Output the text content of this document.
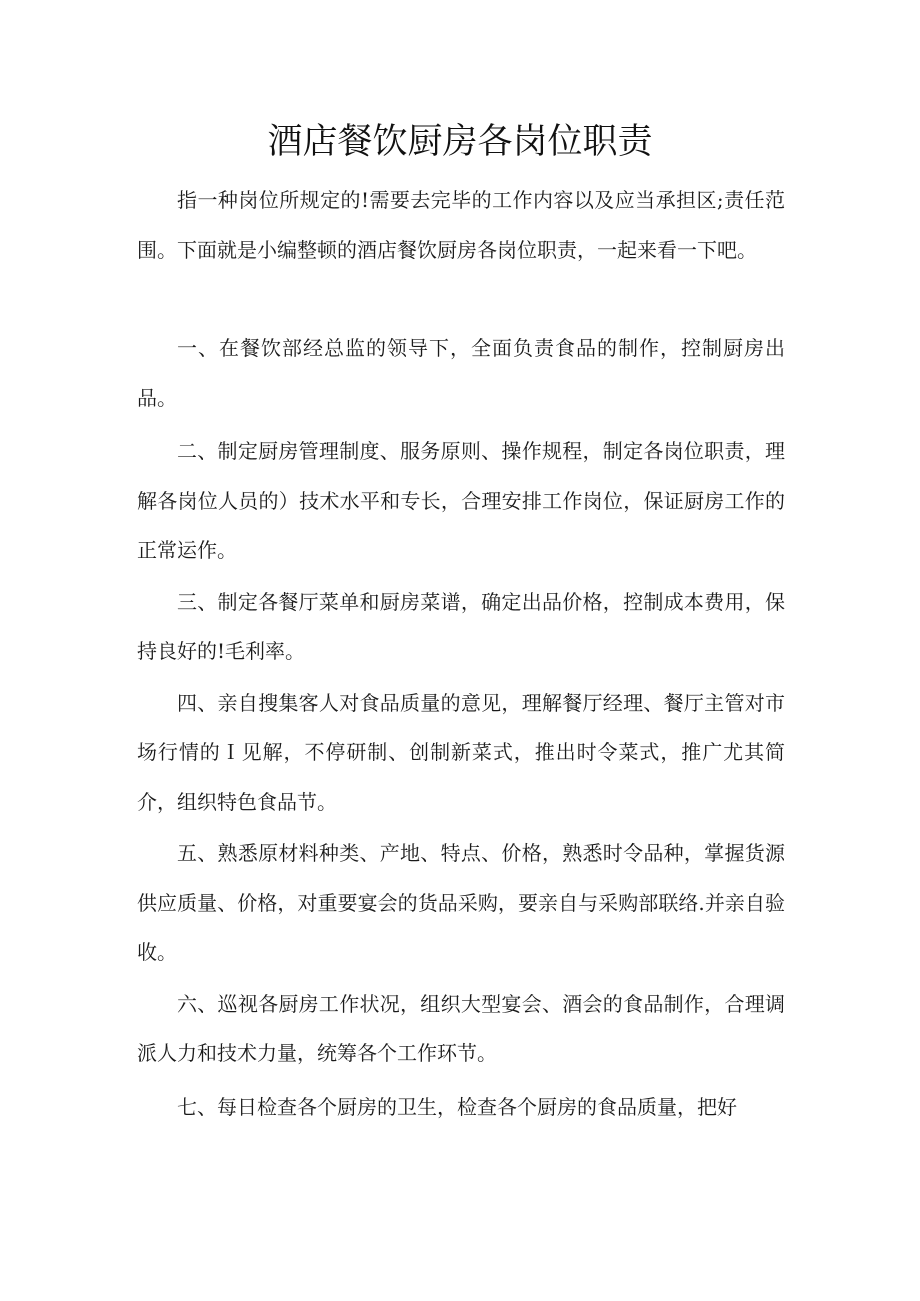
酒店餐饮厨房各岗位职责

指一种岗位所规定的!需要去完毕的工作内容以及应当承担区;责任范围。下面就是小编整顿的酒店餐饮厨房各岗位职责，一起来看一下吧。

一、在餐饮部经总监的领导下，全面负责食品的制作，控制厨房出品。

二、制定厨房管理制度、服务原则、操作规程，制定各岗位职责，理解各岗位人员的）技术水平和专长，合理安排工作岗位，保证厨房工作的正常运作。

三、制定各餐厅菜单和厨房菜谱，确定出品价格，控制成本费用，保持良好的!毛利率。

四、亲自搜集客人对食品质量的意见，理解餐厅经理、餐厅主管对市场行情的Ｉ见解，不停研制、创制新菜式，推出时令菜式，推广尤其简介，组织特色食品节。

五、熟悉原材料种类、产地、特点、价格，熟悉时令品种，掌握货源供应质量、价格，对重要宴会的货品采购，要亲自与采购部联络.并亲自验收。

六、巡视各厨房工作状况，组织大型宴会、酒会的食品制作，合理调派人力和技术力量，统筹各个工作环节。

七、每日检查各个厨房的卫生，检查各个厨房的食品质量，把好
